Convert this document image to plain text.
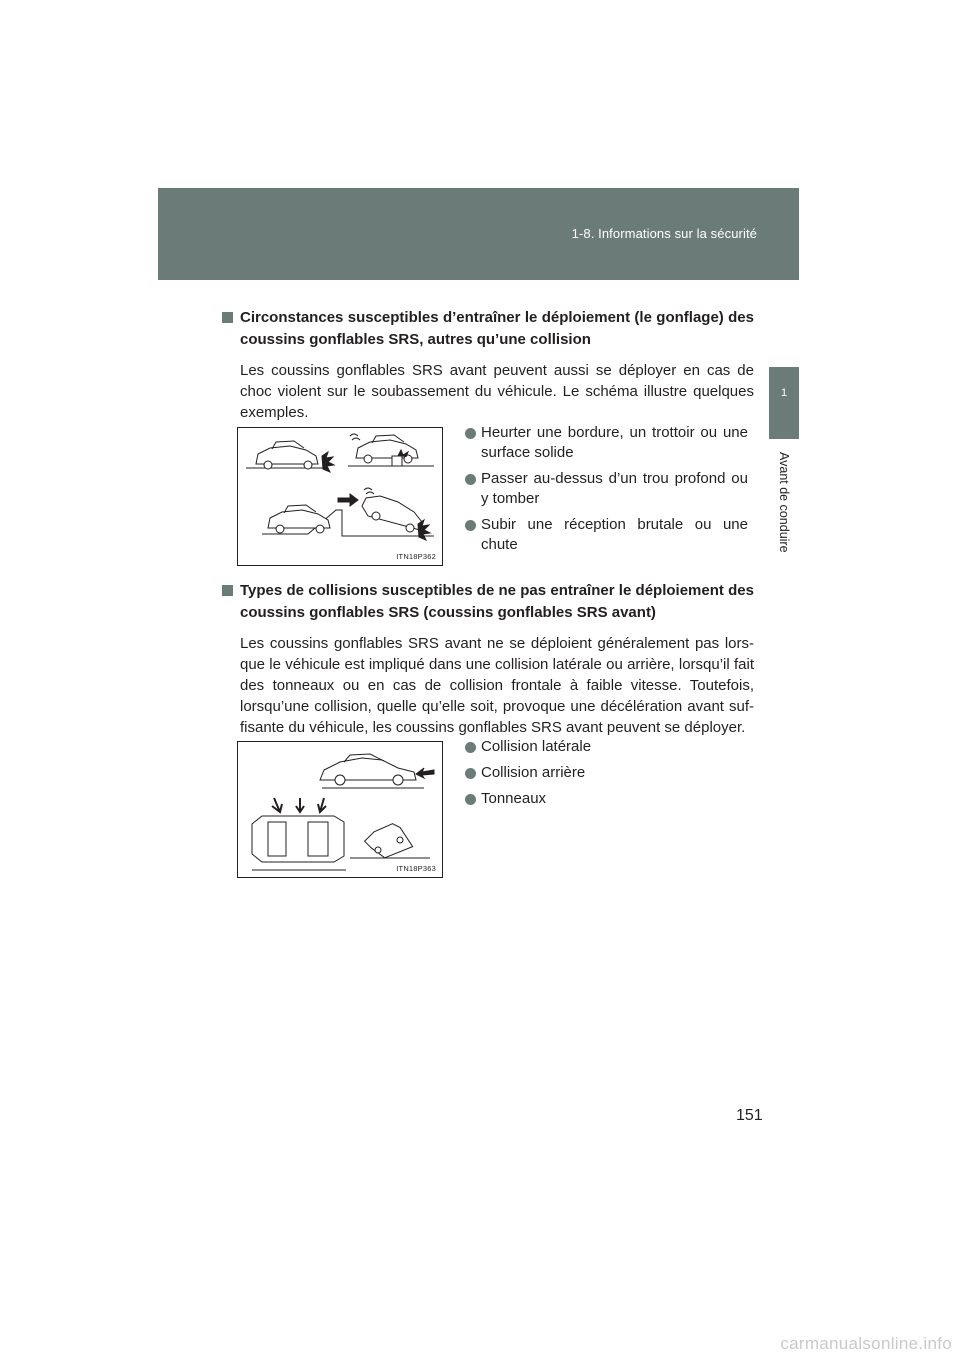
1-8. Informations sur la sécurité
1
Avant de conduire
Circonstances susceptibles d’entraîner le déploiement (le gonflage) des coussins gonflables SRS, autres qu’une collision
Les coussins gonflables SRS avant peuvent aussi se déployer en cas de choc violent sur le soubassement du véhicule. Le schéma illustre quelques exemples.
ITN18P362
Heurter une bordure, un trottoir ou une surface solide
Passer au-dessus d’un trou profond ou y tomber
Subir une réception brutale ou une chute
Types de collisions susceptibles de ne pas entraîner le déploiement des coussins gonflables SRS (coussins gonflables SRS avant)
Les coussins gonflables SRS avant ne se déploient généralement pas lors-que le véhicule est impliqué dans une collision latérale ou arrière, lorsqu’il fait des tonneaux ou en cas de collision frontale à faible vitesse. Toutefois, lorsqu’une collision, quelle qu’elle soit, provoque une décélération avant suf-fisante du véhicule, les coussins gonflables SRS avant peuvent se déployer.
ITN18P363
Collision latérale
Collision arrière
Tonneaux
151
carmanualsonline.info
